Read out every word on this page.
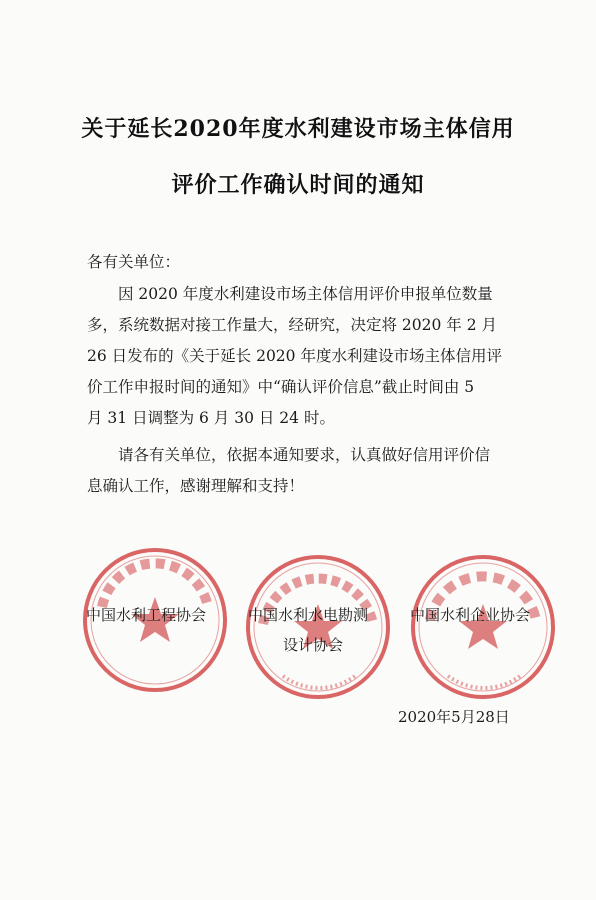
关于延长2020年度水利建设市场主体信用
评价工作确认时间的通知
各有关单位：
因 2020 年度水利建设市场主体信用评价申报单位数量
多，系统数据对接工作量大，经研究，决定将 2020 年 2 月
26 日发布的《关于延长 2020 年度水利建设市场主体信用评
价工作申报时间的通知》中“确认评价信息”截止时间由 5
月 31 日调整为 6 月 30 日 24 时。
请各有关单位，依据本通知要求，认真做好信用评价信
息确认工作，感谢理解和支持！
中国水利工程协会	中国水利水电勘测
设计协会
中国水利企业协会
2020年5月28日
